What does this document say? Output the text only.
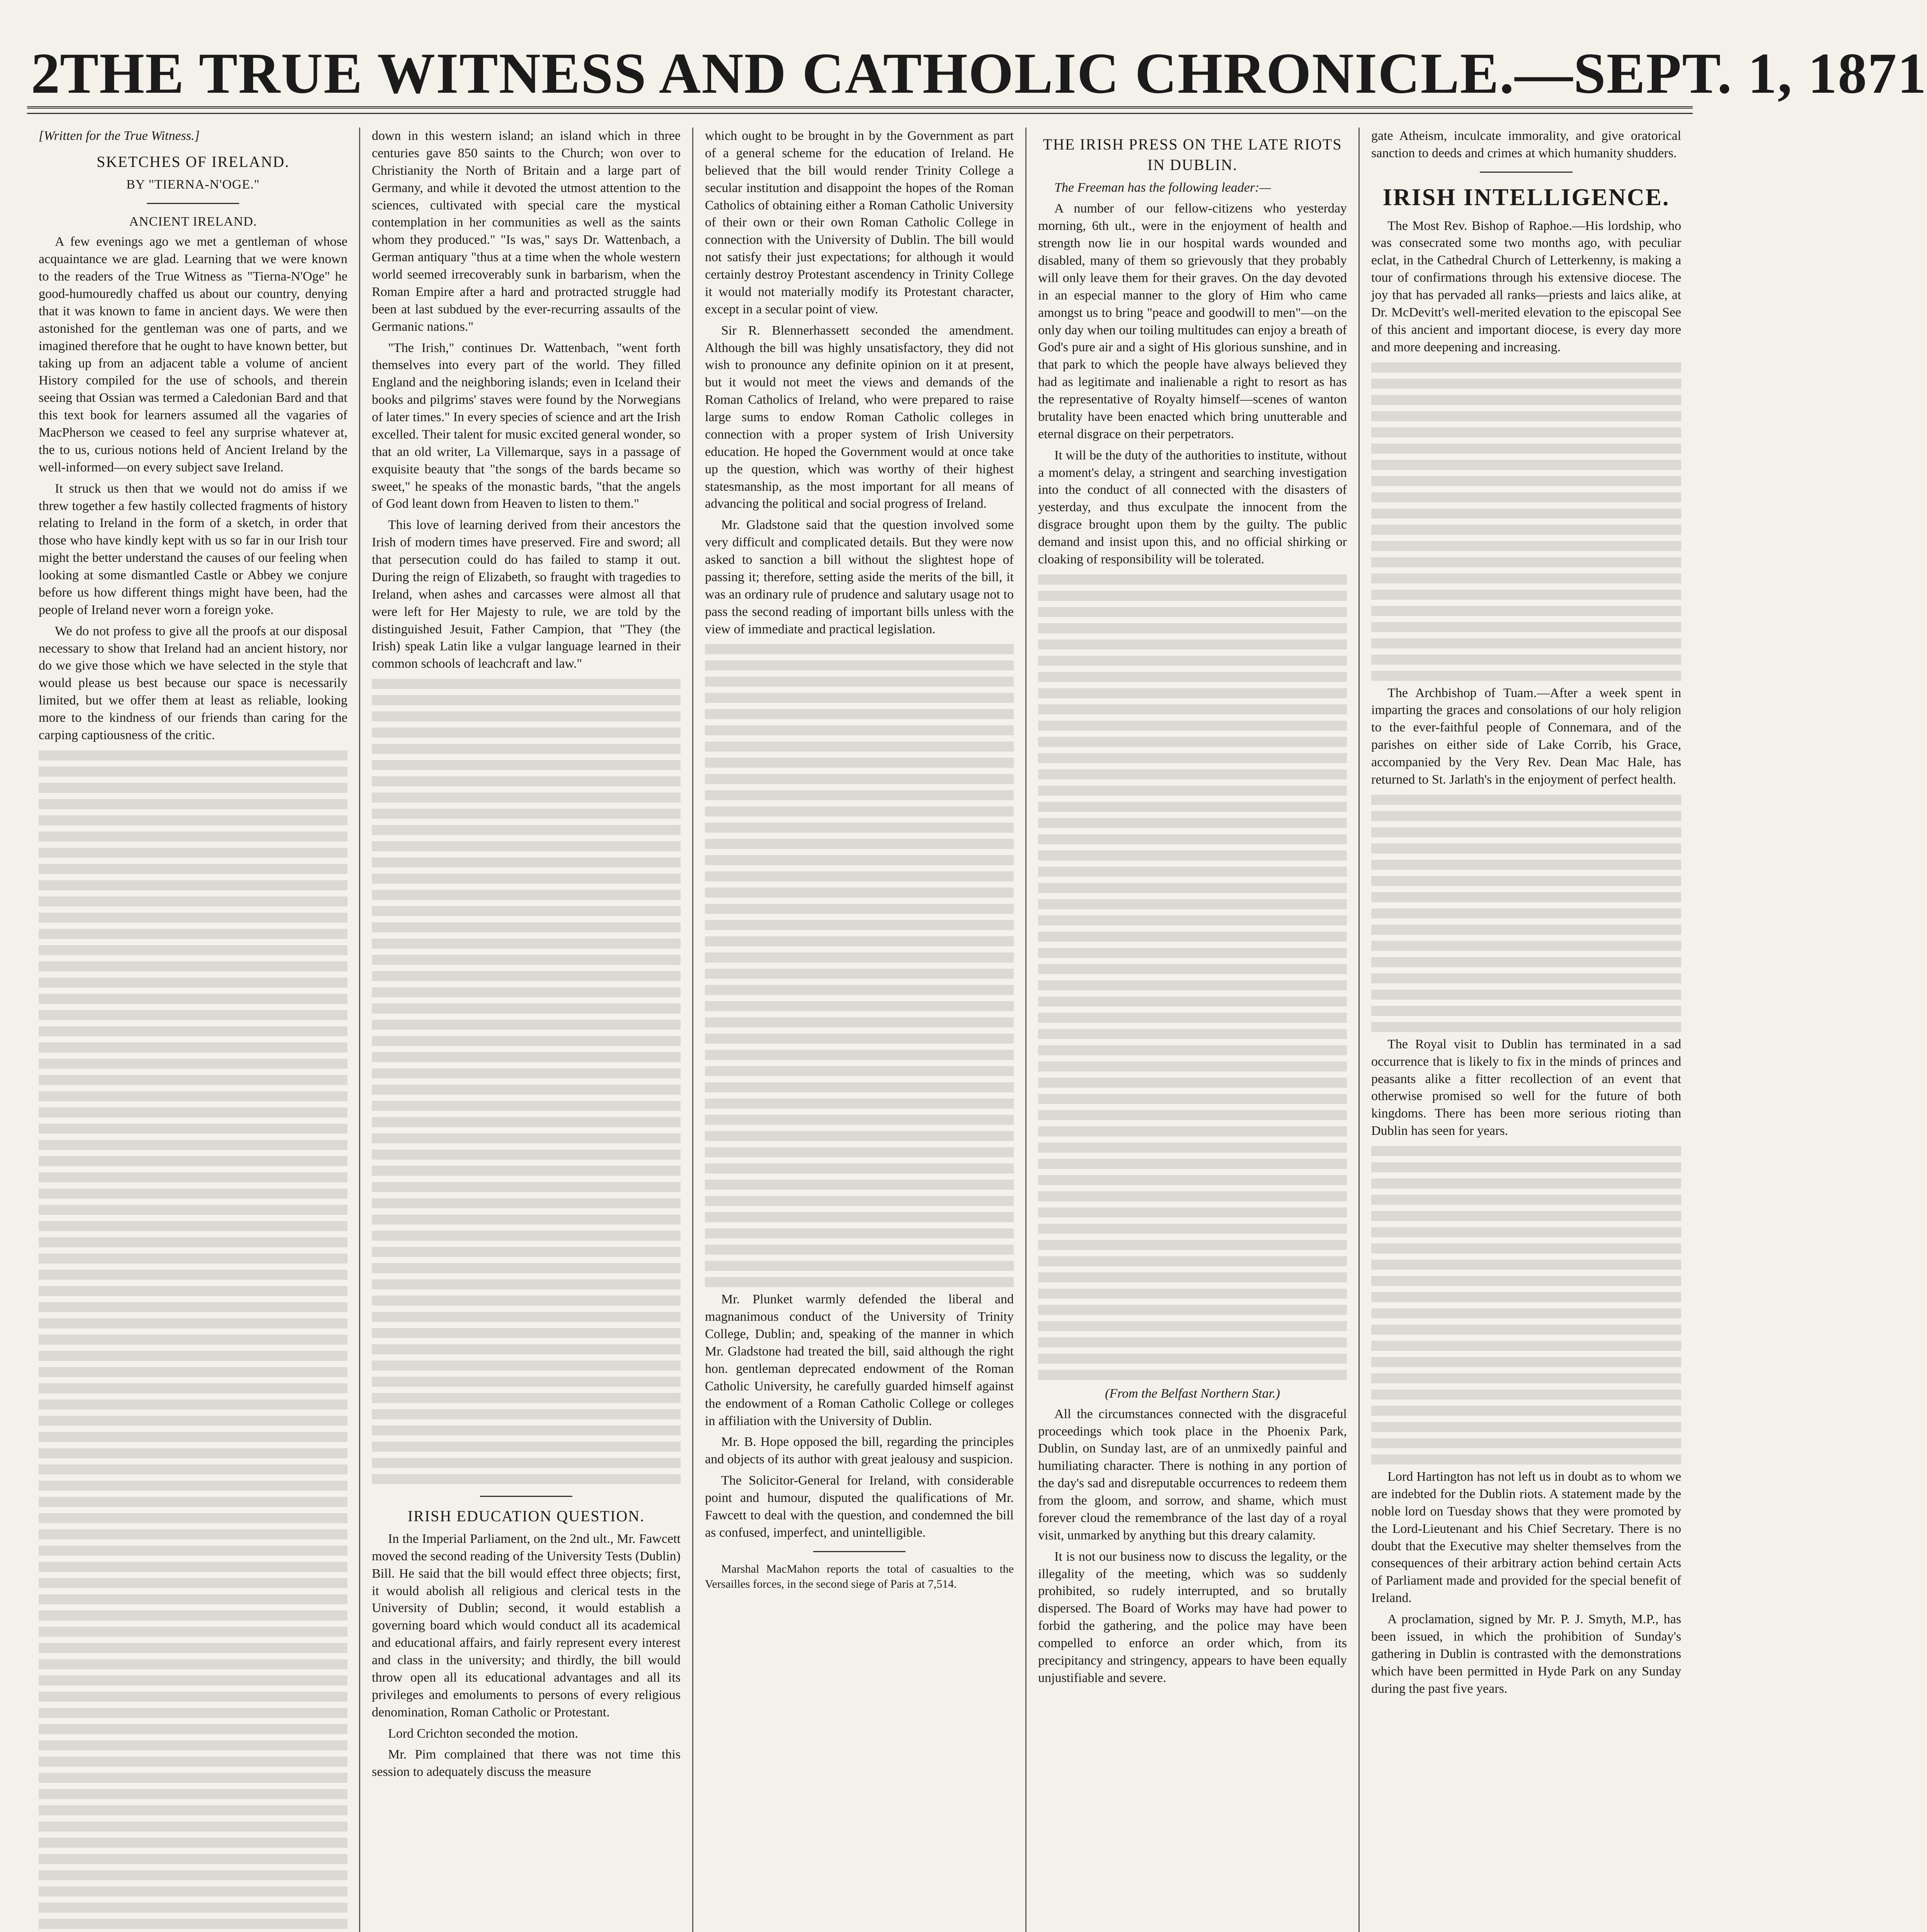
2 THE TRUE WITNESS AND CATHOLIC CHRONICLE.—SEPT. 1, 1871

[Written for the True Witness.]

SKETCHES OF IRELAND.
BY "TIERNA-N'OGE."
ANCIENT IRELAND.

A few evenings ago we met a gentleman of whose acquaintance we are glad. Learning that we were known to the readers of the True Witness as "Tierna-N'Oge" he good-humouredly chaffed us about our country, denying that it was known to fame in ancient days. We were then astonished for the gentleman was one of parts, and we imagined therefore that he ought to have known better, but taking up from an adjacent table a volume of ancient History compiled for the use of schools, and therein seeing that Ossian was termed a Caledonian Bard and that this text book for learners assumed all the vagaries of MacPherson we ceased to feel any surprise whatever at, the to us, curious notions held of Ancient Ireland by the well-informed—on every subject save Ireland.

It struck us then that we would not do amiss if we threw together a few hastily collected fragments of history relating to Ireland in the form of a sketch, in order that those who have kindly kept with us so far in our Irish tour might the better understand the causes of our feeling when looking at some dismantled Castle or Abbey we conjure before us how different things might have been, had the people of Ireland never worn a foreign yoke.

We do not profess to give all the proofs at our disposal necessary to show that Ireland had an ancient history, nor do we give those which we have selected in the style that would please us best because our space is necessarily limited, but we offer them at least as reliable, looking more to the kindness of our friends than caring for the carping captiousness of the critic.

down in this western island; an island which in three centuries gave 850 saints to the Church; won over to Christianity the North of Britain and a large part of Germany, and while it devoted the utmost attention to the sciences, cultivated with special care the mystical contemplation in her communities as well as the saints whom they produced." "Is was," says Dr. Wattenbach, a German antiquary "thus at a time when the whole western world seemed irrecoverably sunk in barbarism, when the Roman Empire after a hard and protracted struggle had been at last subdued by the ever-recurring assaults of the Germanic nations."

"The Irish," continues Dr. Wattenbach, "went forth themselves into every part of the world. They filled England and the neighboring islands; even in Iceland their books and pilgrims' staves were found by the Norwegians of later times." In every species of science and art the Irish excelled. Their talent for music excited general wonder, so that an old writer, La Villemarque, says in a passage of exquisite beauty that "the songs of the bards became so sweet," he speaks of the monastic bards, "that the angels of God leant down from Heaven to listen to them."

This love of learning derived from their ancestors the Irish of modern times have preserved. Fire and sword; all that persecution could do has failed to stamp it out. During the reign of Elizabeth, so fraught with tragedies to Ireland, when ashes and carcasses were almost all that were left for Her Majesty to rule, we are told by the distinguished Jesuit, Father Campion, that "They (the Irish) speak Latin like a vulgar language learned in their common schools of leachcraft and law."

IRISH EDUCATION QUESTION.

In the Imperial Parliament, on the 2nd ult., Mr. Fawcett moved the second reading of the University Tests (Dublin) Bill. He said that the bill would effect three objects; first, it would abolish all religious and clerical tests in the University of Dublin; second, it would establish a governing board which would conduct all its academical and educational affairs, and fairly represent every interest and class in the university; and thirdly, the bill would throw open all its educational advantages and all its privileges and emoluments to persons of every religious denomination, Roman Catholic or Protestant.

Lord Crichton seconded the motion.

Mr. Pim complained that there was not time this session to adequately discuss the measure

which ought to be brought in by the Government as part of a general scheme for the education of Ireland. He believed that the bill would render Trinity College a secular institution and disappoint the hopes of the Roman Catholics of obtaining either a Roman Catholic University of their own or their own Roman Catholic College in connection with the University of Dublin. The bill would not satisfy their just expectations; for although it would certainly destroy Protestant ascendency in Trinity College it would not materially modify its Protestant character, except in a secular point of view.

Sir R. Blennerhassett seconded the amendment. Although the bill was highly unsatisfactory, they did not wish to pronounce any definite opinion on it at present, but it would not meet the views and demands of the Roman Catholics of Ireland, who were prepared to raise large sums to endow Roman Catholic colleges in connection with a proper system of Irish University education. He hoped the Government would at once take up the question, which was worthy of their highest statesmanship, as the most important for all means of advancing the political and social progress of Ireland.

Mr. Gladstone said that the question involved some very difficult and complicated details. But they were now asked to sanction a bill without the slightest hope of passing it; therefore, setting aside the merits of the bill, it was an ordinary rule of prudence and salutary usage not to pass the second reading of important bills unless with the view of immediate and practical legislation.

Mr. Plunket warmly defended the liberal and magnanimous conduct of the University of Trinity College, Dublin; and, speaking of the manner in which Mr. Gladstone had treated the bill, said although the right hon. gentleman deprecated endowment of the Roman Catholic University, he carefully guarded himself against the endowment of a Roman Catholic College or colleges in affiliation with the University of Dublin.

Mr. B. Hope opposed the bill, regarding the principles and objects of its author with great jealousy and suspicion.

The Solicitor-General for Ireland, with considerable point and humour, disputed the qualifications of Mr. Fawcett to deal with the question, and condemned the bill as confused, imperfect, and unintelligible.

Marshal MacMahon reports the total of casualties to the Versailles forces, in the second siege of Paris at 7,514.

THE IRISH PRESS ON THE LATE RIOTS IN DUBLIN.

The Freeman has the following leader:—

A number of our fellow-citizens who yesterday morning, 6th ult., were in the enjoyment of health and strength now lie in our hospital wards wounded and disabled, many of them so grievously that they probably will only leave them for their graves. On the day devoted in an especial manner to the glory of Him who came amongst us to bring "peace and goodwill to men"—on the only day when our toiling multitudes can enjoy a breath of God's pure air and a sight of His glorious sunshine, and in that park to which the people have always believed they had as legitimate and inalienable a right to resort as has the representative of Royalty himself—scenes of wanton brutality have been enacted which bring unutterable and eternal disgrace on their perpetrators.

It will be the duty of the authorities to institute, without a moment's delay, a stringent and searching investigation into the conduct of all connected with the disasters of yesterday, and thus exculpate the innocent from the disgrace brought upon them by the guilty. The public demand and insist upon this, and no official shirking or cloaking of responsibility will be tolerated.

(From the Belfast Northern Star.)

All the circumstances connected with the disgraceful proceedings which took place in the Phoenix Park, Dublin, on Sunday last, are of an unmixedly painful and humiliating character. There is nothing in any portion of the day's sad and disreputable occurrences to redeem them from the gloom, and sorrow, and shame, which must forever cloud the remembrance of the last day of a royal visit, unmarked by anything but this dreary calamity.

It is not our business now to discuss the legality, or the illegality of the meeting, which was so suddenly prohibited, so rudely interrupted, and so brutally dispersed. The Board of Works may have had power to forbid the gathering, and the police may have been compelled to enforce an order which, from its precipitancy and stringency, appears to have been equally unjustifiable and severe.

gate Atheism, inculcate immorality, and give oratorical sanction to deeds and crimes at which humanity shudders.

IRISH INTELLIGENCE.

The Most Rev. Bishop of Raphoe.—His lordship, who was consecrated some two months ago, with peculiar eclat, in the Cathedral Church of Letterkenny, is making a tour of confirmations through his extensive diocese. The joy that has pervaded all ranks—priests and laics alike, at Dr. McDevitt's well-merited elevation to the episcopal See of this ancient and important diocese, is every day more and more deepening and increasing.

The Archbishop of Tuam.—After a week spent in imparting the graces and consolations of our holy religion to the ever-faithful people of Connemara, and of the parishes on either side of Lake Corrib, his Grace, accompanied by the Very Rev. Dean Mac Hale, has returned to St. Jarlath's in the enjoyment of perfect health.

The Royal visit to Dublin has terminated in a sad occurrence that is likely to fix in the minds of princes and peasants alike a fitter recollection of an event that otherwise promised so well for the future of both kingdoms. There has been more serious rioting than Dublin has seen for years.

Lord Hartington has not left us in doubt as to whom we are indebted for the Dublin riots. A statement made by the noble lord on Tuesday shows that they were promoted by the Lord-Lieutenant and his Chief Secretary. There is no doubt that the Executive may shelter themselves from the consequences of their arbitrary action behind certain Acts of Parliament made and provided for the special benefit of Ireland.

A proclamation, signed by Mr. P. J. Smyth, M.P., has been issued, in which the prohibition of Sunday's gathering in Dublin is contrasted with the demonstrations which have been permitted in Hyde Park on any Sunday during the past five years.
